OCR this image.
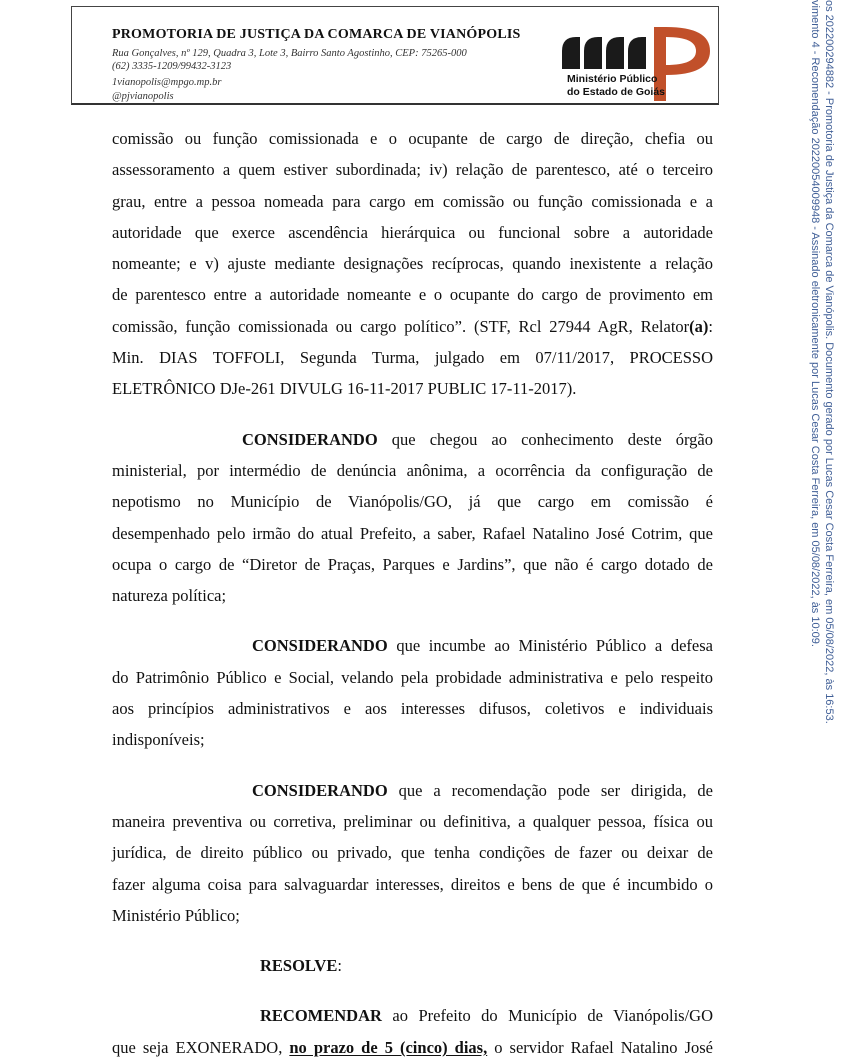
PROMOTORIA DE JUSTIÇA DA COMARCA DE VIANÓPOLIS
Rua Gonçalves, nº 129, Quadra 3, Lote 3, Bairro Santo Agostinho, CEP: 75265-000
(62) 3335-1209/99432-3123
1vianopolis@mpgo.mp.br
@pjvianopolis
Ministério Público
do Estado de Goiás	os 202200294882 - Promotoria de Justiça da Comarca de Vianópolis. Documento gerado por Lucas Cesar Costa Ferreira, em 05/08/2022, às 16:53.
vimento 4 - Recomendação 20220054009948 - Assinado eletronicamente por Lucas Cesar Costa Ferreira, em 05/08/2022, às 10:09.
comissão ou função comissionada e o ocupante de cargo de direção, chefia ou
assessoramento a quem estiver subordinada; iv) relação de parentesco, até o terceiro
grau, entre a pessoa nomeada para cargo em comissão ou função comissionada e a
autoridade que exerce ascendência hierárquica ou funcional sobre a autoridade
nomeante; e v) ajuste mediante designações recíprocas, quando inexistente a relação
de parentesco entre a autoridade nomeante e o ocupante do cargo de provimento em
comissão, função comissionada ou cargo político”. (STF, Rcl 27944 AgR, Relator(a):
Min. DIAS TOFFOLI, Segunda Turma, julgado em 07/11/2017, PROCESSO
ELETRÔNICO DJe-261 DIVULG 16-11-2017 PUBLIC 17-11-2017).
CONSIDERANDO que chegou ao conhecimento deste órgão
ministerial, por intermédio de denúncia anônima, a ocorrência da configuração de
nepotismo no Município de Vianópolis/GO, já que cargo em comissão é
desempenhado pelo irmão do atual Prefeito, a saber, Rafael Natalino José Cotrim, que
ocupa o cargo de “Diretor de Praças, Parques e Jardins”, que não é cargo dotado de
natureza política;
CONSIDERANDO que incumbe ao Ministério Público a defesa
do Patrimônio Público e Social, velando pela probidade administrativa e pelo respeito
aos princípios administrativos e aos interesses difusos, coletivos e individuais
indisponíveis;
CONSIDERANDO que a recomendação pode ser dirigida, de
maneira preventiva ou corretiva, preliminar ou definitiva, a qualquer pessoa, física ou
jurídica, de direito público ou privado, que tenha condições de fazer ou deixar de
fazer alguma coisa para salvaguardar interesses, direitos e bens de que é incumbido o
Ministério Público;
RESOLVE:
RECOMENDAR ao Prefeito do Município de Vianópolis/GO
que seja EXONERADO, no prazo de 5 (cinco) dias, o servidor Rafael Natalino José
